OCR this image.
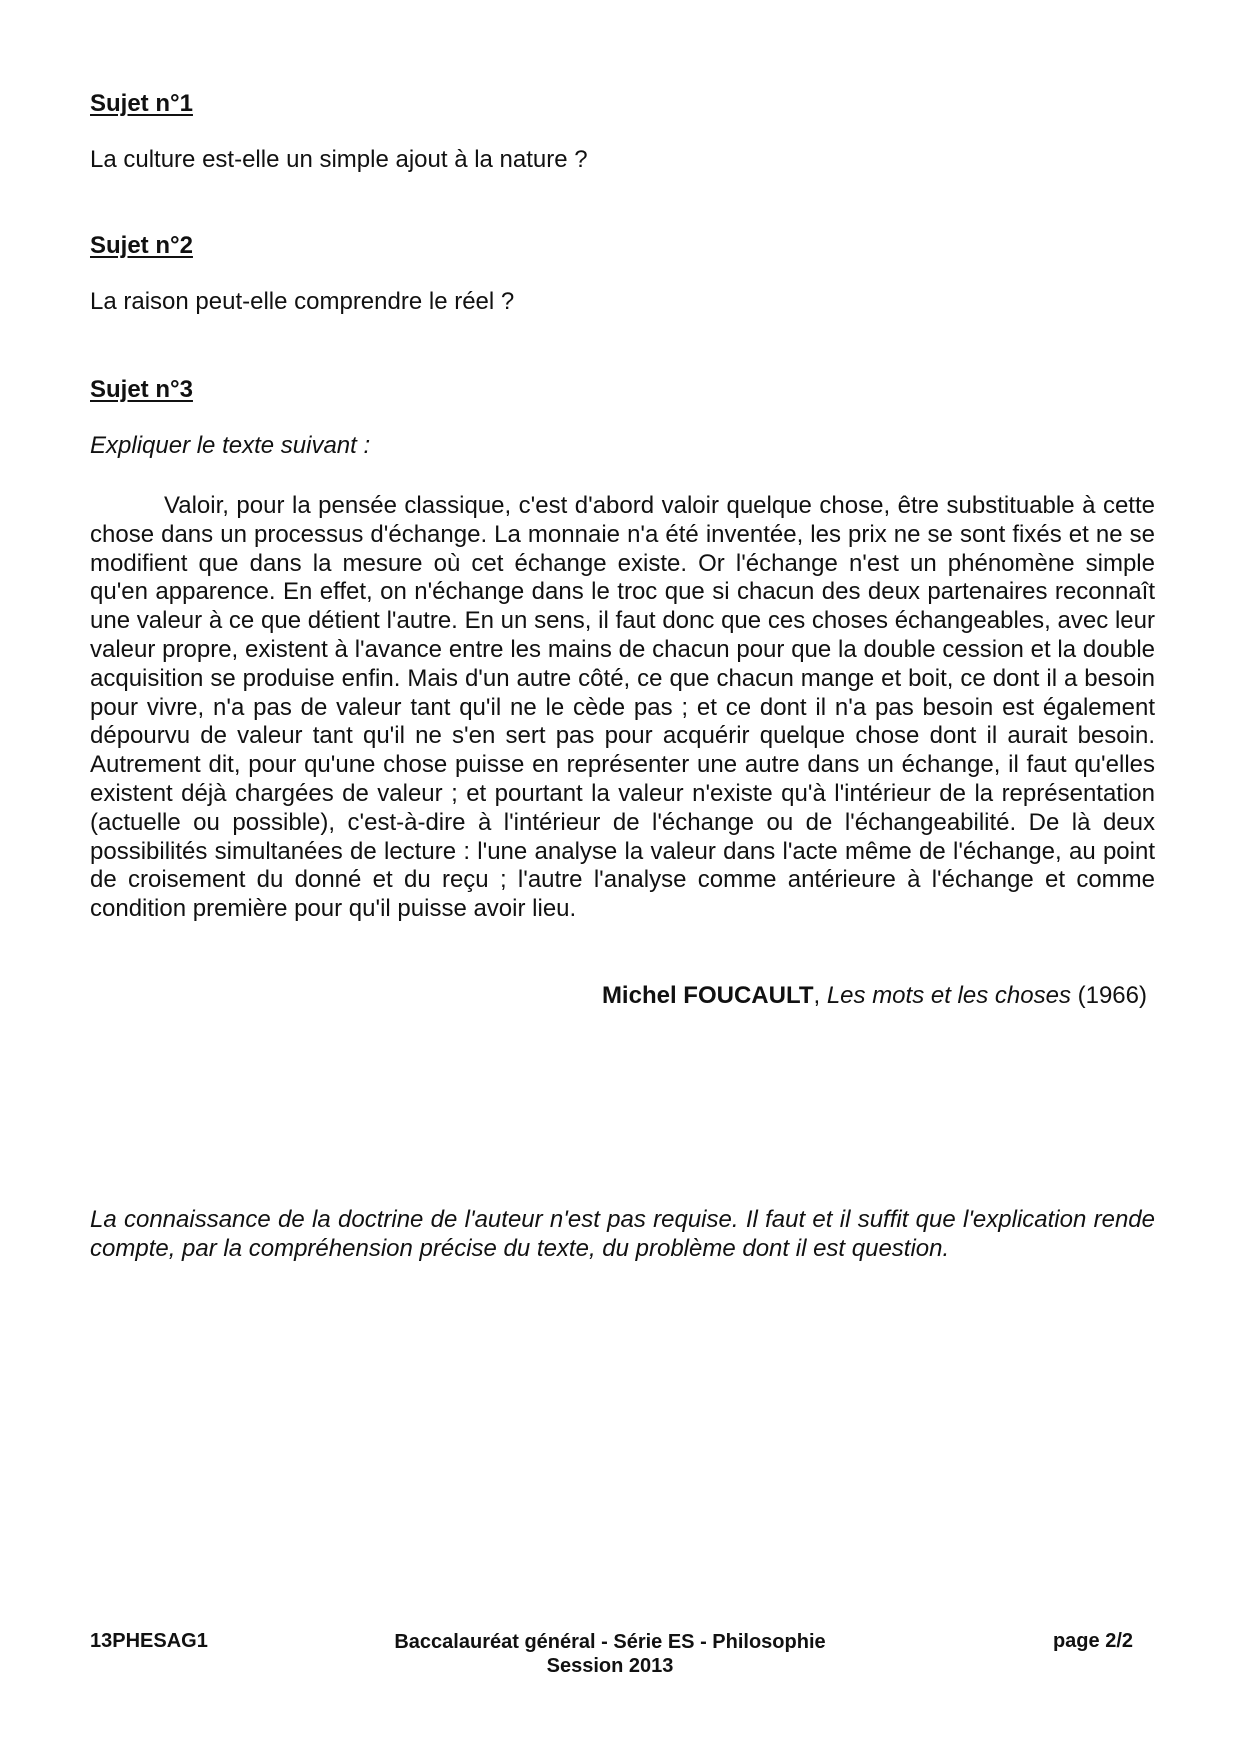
Sujet n°1

La culture est-elle un simple ajout à la nature ?

Sujet n°2

La raison peut-elle comprendre le réel ?

Sujet n°3

Expliquer le texte suivant :

Valoir, pour la pensée classique, c'est d'abord valoir quelque chose, être substituable à cette chose dans un processus d'échange. La monnaie n'a été inventée, les prix ne se sont fixés et ne se modifient que dans la mesure où cet échange existe. Or l'échange n'est un phénomène simple qu'en apparence. En effet, on n'échange dans le troc que si chacun des deux partenaires reconnaît une valeur à ce que détient l'autre. En un sens, il faut donc que ces choses échangeables, avec leur valeur propre, existent à l'avance entre les mains de chacun pour que la double cession et la double acquisition se produise enfin. Mais d'un autre côté, ce que chacun mange et boit, ce dont il a besoin pour vivre, n'a pas de valeur tant qu'il ne le cède pas ; et ce dont il n'a pas besoin est également dépourvu de valeur tant qu'il ne s'en sert pas pour acquérir quelque chose dont il aurait besoin. Autrement dit, pour qu'une chose puisse en représenter une autre dans un échange, il faut qu'elles existent déjà chargées de valeur ; et pourtant la valeur n'existe qu'à l'intérieur de la représentation (actuelle ou possible), c'est-à-dire à l'intérieur de l'échange ou de l'échangeabilité. De là deux possibilités simultanées de lecture : l'une analyse la valeur dans l'acte même de l'échange, au point de croisement du donné et du reçu ; l'autre l'analyse comme antérieure à l'échange et comme condition première pour qu'il puisse avoir lieu.

Michel FOUCAULT, Les mots et les choses (1966)

La connaissance de la doctrine de l'auteur n'est pas requise. Il faut et il suffit que l'explication rende compte, par la compréhension précise du texte, du problème dont il est question.

13PHESAG1	Baccalauréat général - Série ES - Philosophie
Session 2013

page 2/2
